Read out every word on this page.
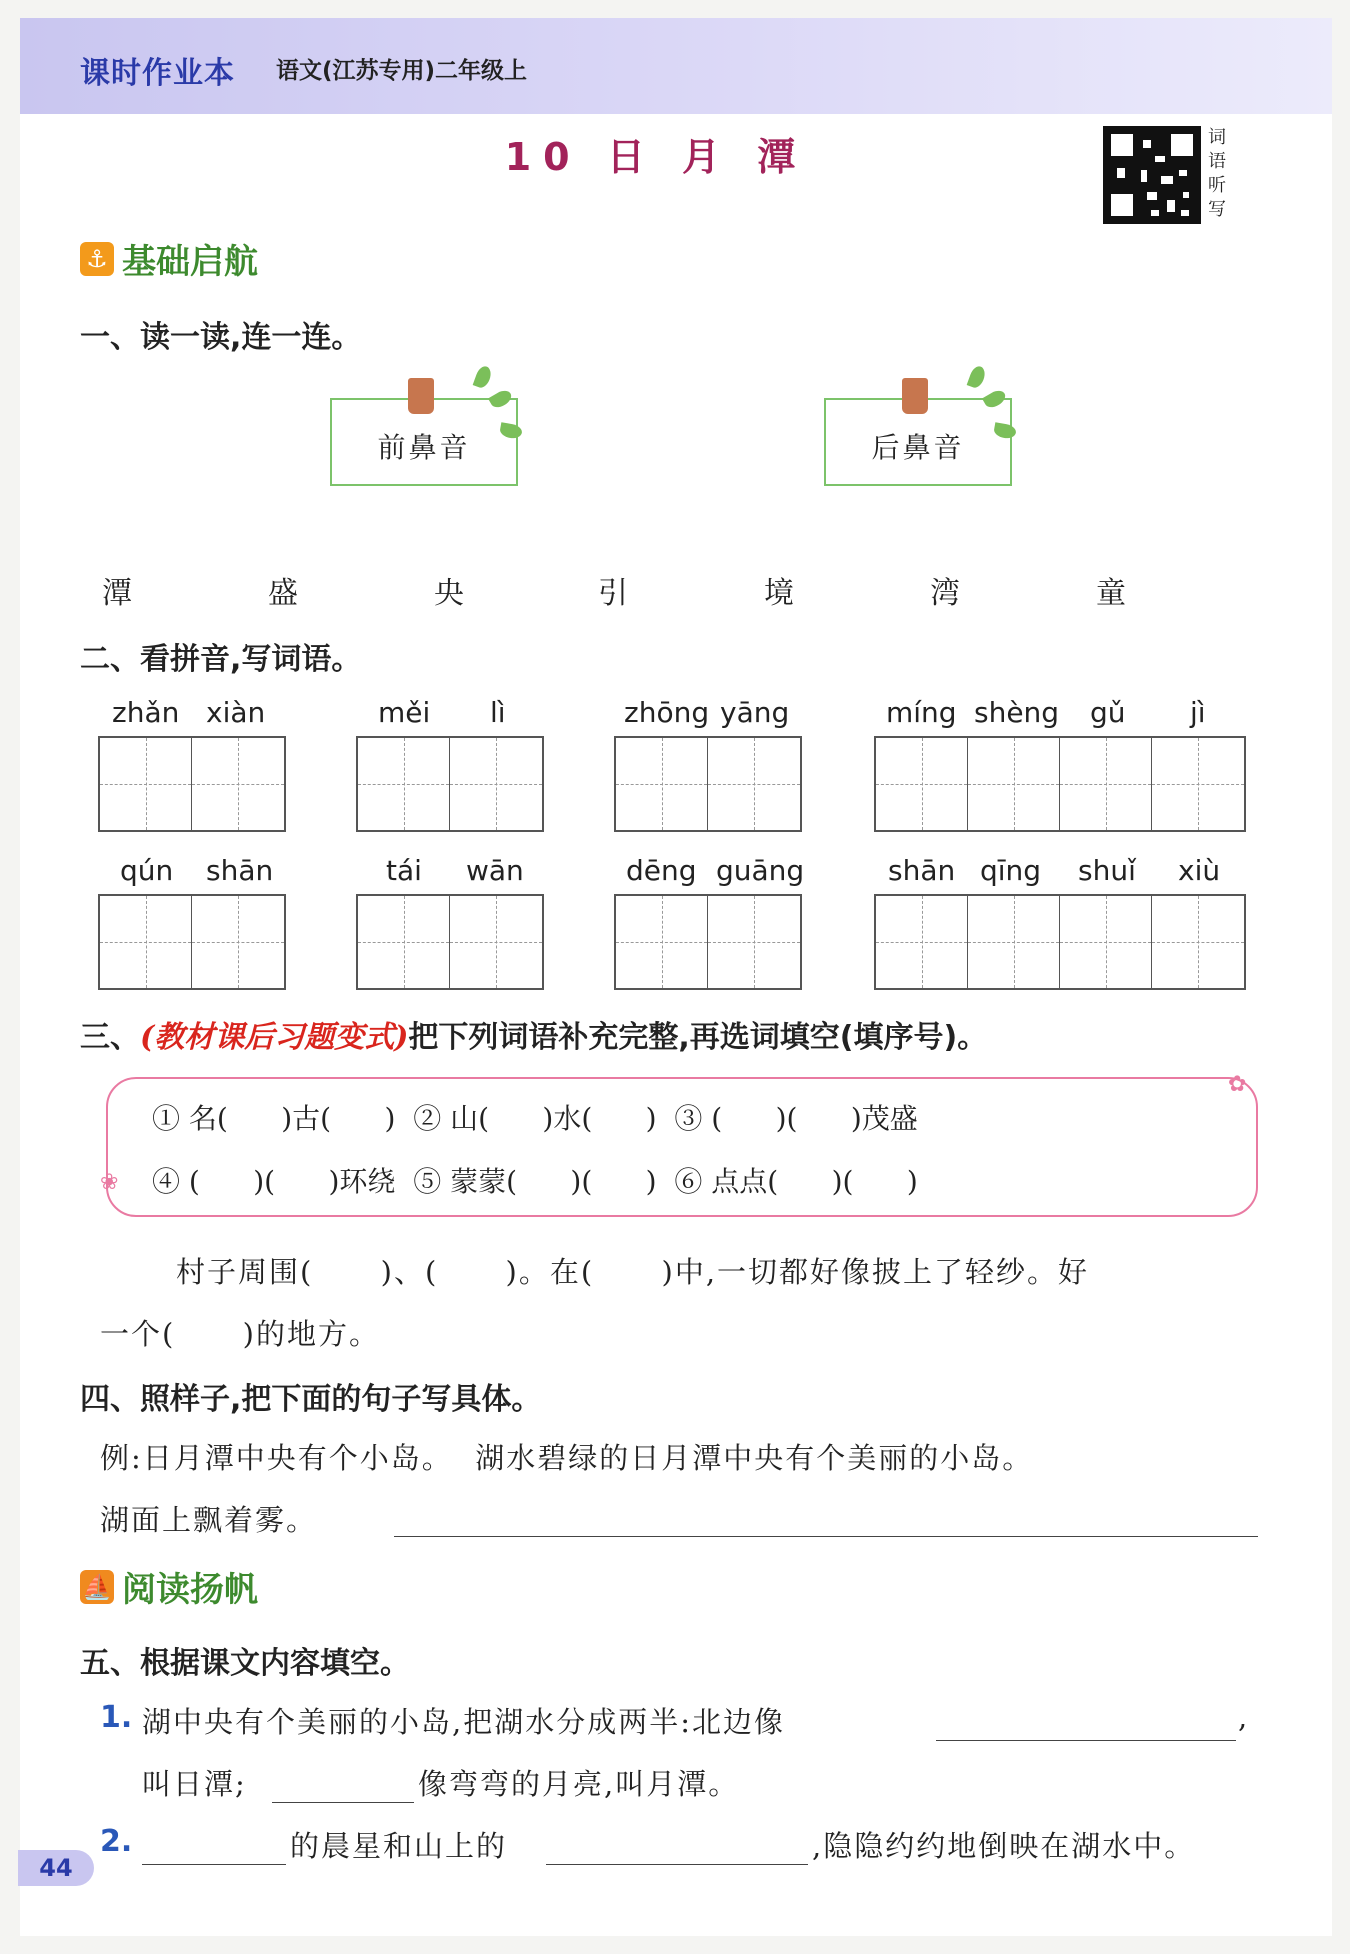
课时作业本 语文(江苏专用)二年级上
10 日 月 潭	词
语
听
写
⚓ 基础启航
一、读一读,连一连。
前鼻音	后鼻音
潭	盛	央	引	境	湾	童
二、看拼音,写词语。
zhǎn xiàn	měi lì	zhōng yāng	míng shèng gǔ jì
qún shān	tái wān	dēng guāng	shān qīng shuǐ xiù
三、(教材课后习题变式)把下列词语补充完整,再选词填空(填序号)。
✿
❀
① 名(      )古(      )  ② 山(      )水(      )  ③ (      )(      )茂盛
④ (      )(      )环绕  ⑤ 蒙蒙(      )(      )  ⑥ 点点(      )(      )
村子周围(      )、(      )。在(      )中,一切都好像披上了轻纱。好
一个(      )的地方。
四、照样子,把下面的句子写具体。
例:日月潭中央有个小岛。  湖水碧绿的日月潭中央有个美丽的小岛。
湖面上飘着雾。
⛵ 阅读扬帆
五、根据课文内容填空。
1. 湖中央有个美丽的小岛,把湖水分成两半:北边像	,
叫日潭;	像弯弯的月亮,叫月潭。
2.	的晨星和山上的	,隐隐约约地倒映在湖水中。
44
